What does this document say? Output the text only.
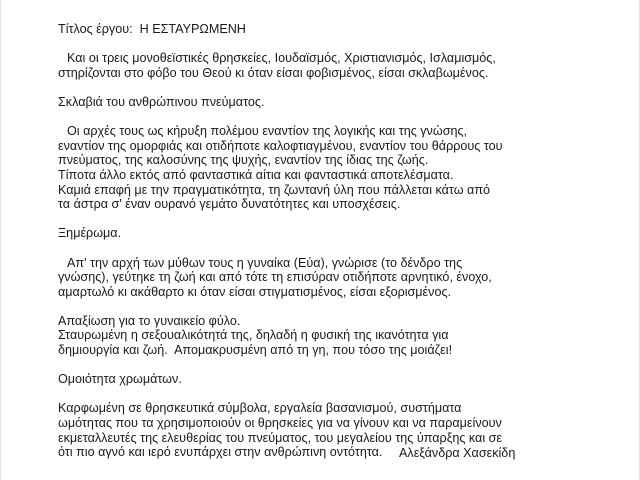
Τίτλος έργου: Η ΕΣΤΑΥΡΩΜΕΝΗ

Και οι τρεις μονοθεϊστικές θρησκείες, Ιουδαϊσμός, Χριστιανισμός, Ισλαμισμός,

στηρίζονται στο φόβο του Θεού κι όταν είσαι φοβισμένος, είσαι σκλαβωμένος.

Σκλαβιά του ανθρώπινου πνεύματος.

Οι αρχές τους ως κήρυξη πολέμου εναντίον της λογικής και της γνώσης,

εναντίον της ομορφιάς και οτιδήποτε καλοφτιαγμένου, εναντίον του θάρρους του

πνεύματος, της καλοσύνης της ψυχής, εναντίον της ίδιας της ζωής.

Τίποτα άλλο εκτός από φανταστικά αίτια και φανταστικά αποτελέσματα.

Καμιά επαφή με την πραγματικότητα, τη ζωντανή ύλη που πάλλεται κάτω από

τα άστρα σ' έναν ουρανό γεμάτο δυνατότητες και υποσχέσεις.

Ξημέρωμα.

Απ' την αρχή των μύθων τους η γυναίκα (Εύα), γνώρισε (το δένδρο της

γνώσης), γεύτηκε τη ζωή και από τότε τη επισύραν οτιδήποτε αρνητικό, ένοχο,

αμαρτωλό κι ακάθαρτο κι όταν είσαι στιγματισμένος, είσαι εξορισμένος.

Απαξίωση για το γυναικείο φύλο.

Σταυρωμένη η σεξουαλικότητά της, δηλαδή η φυσική της ικανότητα για

δημιουργία και ζωή.  Απομακρυσμένη από τη γη, που τόσο της μοιάζει!

Ομοιότητα χρωμάτων.

Καρφωμένη σε θρησκευτικά σύμβολα, εργαλεία βασανισμού, συστήματα

ωμότητας που τα χρησιμοποιούν οι θρησκείες για να γίνουν και να παραμείνουν

εκμεταλλευτές της ελευθερίας του πνεύματος, του μεγαλείου της ύπαρξης και σε

ότι πιο αγνό και ιερό ενυπάρχει στην ανθρώπινη οντότητα.	Αλεξάνδρα Χασεκίδη
